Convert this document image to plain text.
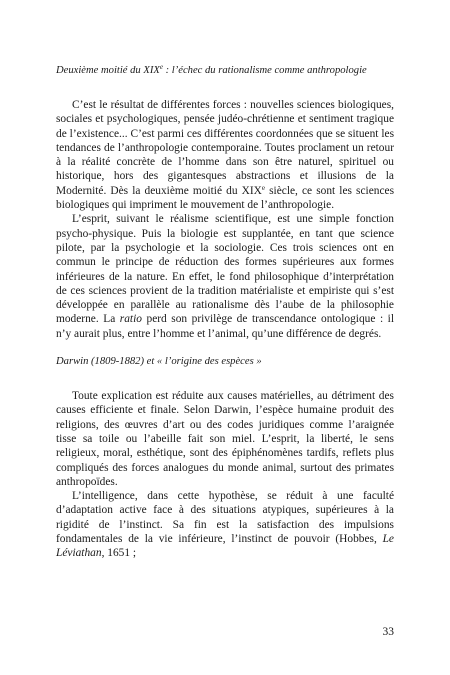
Deuxième moitié du XIXe : l’échec du rationalisme comme anthropologie

C’est le résultat de différentes forces : nouvelles sciences biologiques, sociales et psychologiques, pensée judéo-chrétienne et sentiment tragique de l’existence... C’est parmi ces différentes coordonnées que se situent les tendances de l’anthropologie contemporaine. Toutes proclament un retour à la réalité concrète de l’homme dans son être naturel, spirituel ou historique, hors des gigantesques abstractions et illusions de la Modernité. Dès la deuxième moitié du XIXe siècle, ce sont les sciences biologiques qui impriment le mouvement de l’anthropologie.

L’esprit, suivant le réalisme scientifique, est une simple fonction psycho-physique. Puis la biologie est supplantée, en tant que science pilote, par la psychologie et la sociologie. Ces trois sciences ont en commun le principe de réduction des formes supérieures aux formes inférieures de la nature. En effet, le fond philosophique d’interprétation de ces sciences provient de la tradition matérialiste et empiriste qui s’est développée en parallèle au rationalisme dès l’aube de la philosophie moderne. La ratio perd son privilège de transcendance ontologique : il n’y aurait plus, entre l’homme et l’animal, qu’une différence de degrés.

Darwin (1809-1882) et « l’origine des espèces »

Toute explication est réduite aux causes matérielles, au détriment des causes efficiente et finale. Selon Darwin, l’espèce humaine produit des religions, des œuvres d’art ou des codes juridiques comme l’araignée tisse sa toile ou l’abeille fait son miel. L’esprit, la liberté, le sens religieux, moral, esthétique, sont des épiphénomènes tardifs, reflets plus compliqués des forces analogues du monde animal, surtout des primates anthropoïdes.

L’intelligence, dans cette hypothèse, se réduit à une faculté d’adaptation active face à des situations atypiques, supérieures à la rigidité de l’instinct. Sa fin est la satisfaction des impulsions fondamentales de la vie inférieure, l’instinct de pouvoir (Hobbes, Le Léviathan, 1651 ;

33
